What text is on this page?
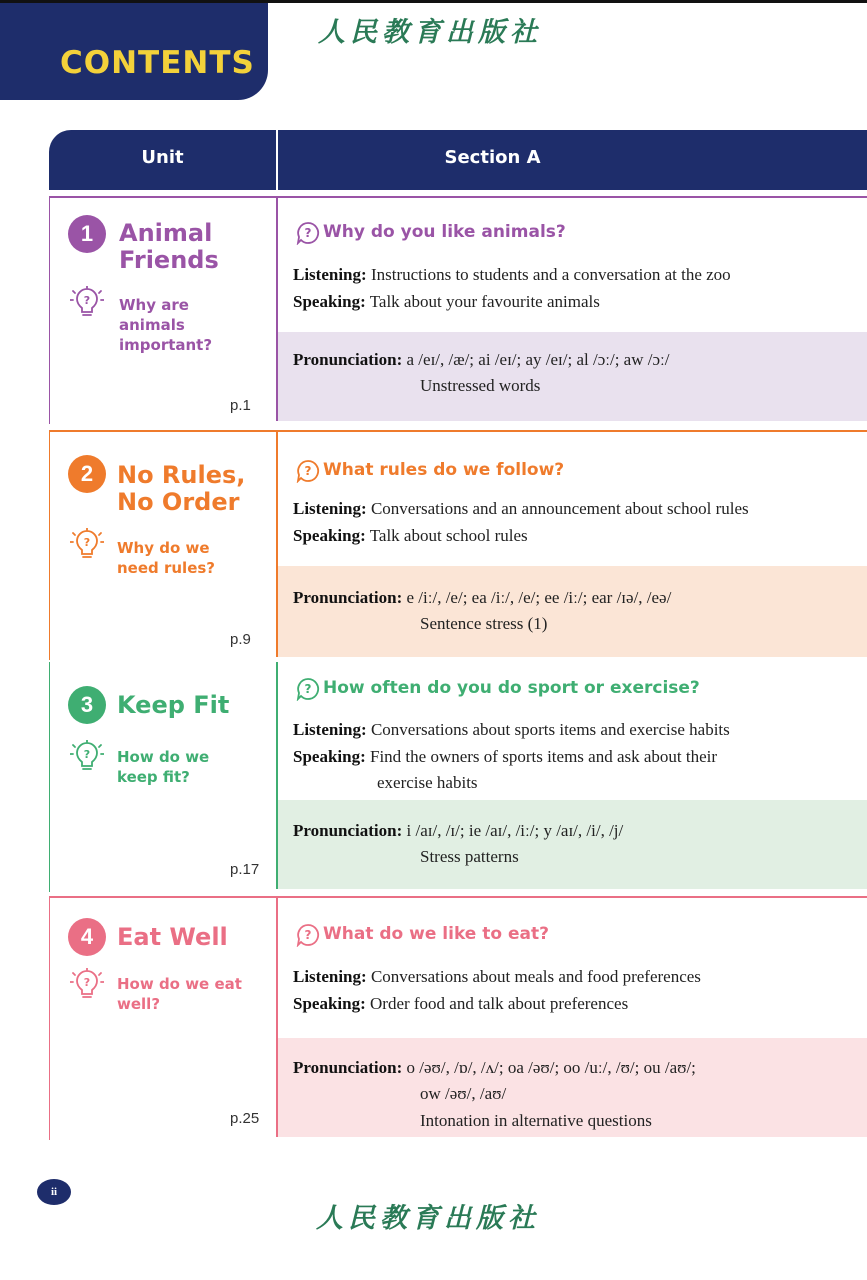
CONTENTS
人民教育出版社
Unit	Section A
1	Animal
Friends
? Why are
animals
important?
p.1
? Why do you like animals?
Listening: Instructions to students and a conversation at the zoo
Speaking: Talk about your favourite animals
Pronunciation: a /eɪ/, /æ/; ai /eɪ/; ay /eɪ/; al /ɔː/; aw /ɔː/
Unstressed words
2 No Rules,
No Order
? Why do we
need rules?
p.9
? What rules do we follow?
Listening: Conversations and an announcement about school rules
Speaking: Talk about school rules
Pronunciation: e /iː/, /e/; ea /iː/, /e/; ee /iː/; ear /ɪə/, /eə/
Sentence stress (1)
3 Keep Fit
? How do we
keep fit?
p.17
? How often do you do sport or exercise?
Listening: Conversations about sports items and exercise habits
Speaking: Find the owners of sports items and ask about their
exercise habits
Pronunciation: i /aɪ/, /ɪ/; ie /aɪ/, /iː/; y /aɪ/, /i/, /j/
Stress patterns
4 Eat Well
? How do we eat
well?
p.25
? What do we like to eat?
Listening: Conversations about meals and food preferences
Speaking: Order food and talk about preferences
Pronunciation: o /əʊ/, /ɒ/, /ʌ/; oa /əʊ/; oo /uː/, /ʊ/; ou /aʊ/;
ow /əʊ/, /aʊ/
Intonation in alternative questions
ii
人民教育出版社
